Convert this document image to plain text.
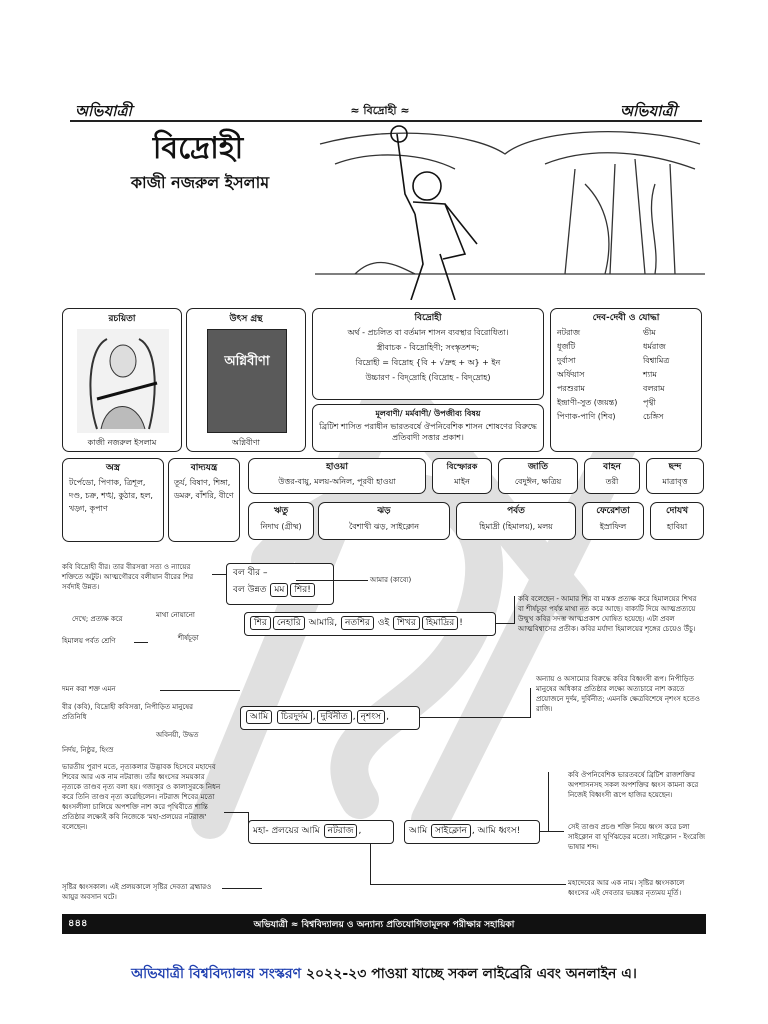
অভিযাত্রী	≈ বিদ্রোহী ≈	অভিযাত্রী
বিদ্রোহী
কাজী নজরুল ইসলাম
রচয়িতা
কাজী নজরুল ইসলাম
উৎস গ্রন্থ
অগ্নিবীণা
অগ্নিবীণা
বিদ্রোহী
অর্থ - প্রচলিত বা বর্তমান শাসন ব্যবস্থার বিরোধিতা।
স্ত্রীবাচক - বিদ্রোহিণী; সংস্কৃতশব্দ;
বিদ্রোহী = বিদ্রোহ {বি + √দ্রুহ + অ} + ইন
উচ্চারণ - বিদ্‌দ্রোহি (বিদ্রোহ - বিদ্‌দ্রোহ)
মূলবাণী/ মর্মবাণী/ উপজীব্য বিষয়
ব্রিটিশ শাসিত পরাধীন ভারতবর্ষে ঔপনিবেশিক শাসন শোষণের বিরুদ্ধে প্রতিবাদী সত্তার প্রকাশ।
দেব-দেবী ও যোদ্ধা
নটরাজ	ভীম
ধূর্জটি	ধর্মরাজ
দুর্বাসা	বিশ্বামিত্র
অর্ফিয়াস	শ্যাম
পরশুরাম	বলরাম
ইন্দ্রাণী-সুত (জয়ন্ত)	পৃথ্বী
পিণাক-পাণি (শিব)	চেঙ্গিস
অস্ত্র
টর্পেডো, পিণাক, ত্রিশূল, দণ্ড, চক্র, শঙ্খ, কুঠার, হল, খড়্গ, কৃপাণ
বাদ্যযন্ত্র
তূর্য, বিষাণ, শিঙ্গা, ডমরু, বাঁশরি, বীণে
হাওয়া
উত্তর-বায়ু, মলয়-অনিল, পূরবী হাওয়া
বিস্ফোরক
মাইন
জাতি
বেদুঈন, ক্ষত্রিয়
বাহন
তরী
ছন্দ
মাত্রাবৃত্ত
ঋতু
নিদাঘ (গ্রীষ্ম)
ঝড়
বৈশাখী ঝড়, সাইক্লোন
পর্বত
হিমাদ্রী (হিমালয়), মলয়
ফেরেশতা
ইস্রাফিল
দোযখ
হাবিয়া
কবি বিদ্রোহী বীর। তার বীরসত্তা সত্য ও ন্যায়ের শক্তিতে অটুট। আত্মগৌরবে বলীয়ান বীরের শির সর্বদাই উন্নত।
বল বীর –
বল উন্নত মম শির!
আমার (কাব্যে)
দেখে; প্রত্যক্ষ করে	মাথা নোয়ানো
হিমালয় পর্বত শ্রেণি	শীর্ষচূড়া
শির নেহারি আমারি, নতশির ওই শিখর হিমাদ্রির !
কবি বলেছেন - আমার শির বা মস্তক প্রত্যক্ষ করে হিমালয়ের শিখর বা শীর্ষচূড়া পর্যন্ত মাথা নত করে আছে। বাক্যটি দিয়ে আত্মপ্রত্যয়ে উন্মুখ কবির সদম্ভ আত্মপ্রকাশ ঘোষিত হয়েছে। এটা প্রবল আত্মবিশ্বাসের প্রতীক। কবির মর্যাদা হিমালয়ের শৃঙ্গের চেয়েও উঁচু।
দমন করা শক্ত এমন
বীর (কবি), বিদ্রোহী কবিসত্তা, নিপীড়িত মানুষের প্রতিনিধি
অবিনয়ী, উদ্ধত
নির্দয়, নিষ্ঠুর, হিংস্র
আমি চিরদুর্দম , দুর্বিনীত , নৃশংস ,
অন্যায় ও অসাম্যের বিরুদ্ধে কবির বিধ্বংসী রূপ। নিপীড়িত মানুষের অধিকার প্রতিষ্ঠার লক্ষ্যে অত্যচারে নাশ করতে প্রয়োজনে দুর্দম, দুর্বিনীত; এমনকি ক্ষেত্রবিশেষে নৃশংস হতেও রাজি।
ভারতীয় পুরাণ মতে, নৃত্যকলার উদ্ভাবক হিসেবে মহাদেব শিবের আর এক নাম নটরাজ। তাঁর ধ্বংসের সময়কার নৃত্যকে তাণ্ডব নৃত্য বলা হয়। গজাসুর ও কালাসুরকে নিধন করে তিনি তাণ্ডব নৃত্য করেছিলেন। নটরাজ শিবের মতো ধ্বংসলীলা চালিয়ে অপশক্তি নাশ করে পৃথিবীতে শান্তি প্রতিষ্ঠার লক্ষ্যেই কবি নিজেকে 'মহা-প্রলয়ের নটরাজ' বলেছেন।
সৃষ্টির ধ্বংসকাল। এই প্রলয়কালে সৃষ্টির দেবতা ব্রহ্মারও আয়ুর অবসান ঘটে।
মহা- প্রলয়ের আমি নটরাজ ,	আমি সাইক্লোন , আমি ধ্বংস!
কবি ঔপনিবেশিক ভারতবর্ষে ব্রিটিশ রাজশক্তির অপশাসনসহ সকল অপশক্তির ধ্বংস কামনা করে নিজেই বিধ্বংসী রূপে হাজির হয়েছেন।
সেই তাণ্ডব প্রচণ্ড শক্তি নিয়ে ধ্বংস করে চলা সাইক্লোন বা ঘূর্ণিঝড়ের মতো। সাইক্লোন - ইংরেজি ভাষার শব্দ।
মহাদেবের আর এক নাম। সৃষ্টির ধ্বংসকালে ধ্বংসের এই দেবতার ভয়ঙ্কর নৃত্যময় মূর্তি।
৪৪৪	অভিযাত্রী ≈ বিশ্ববিদ্যালয় ও অন্যান্য প্রতিযোগিতামূলক পরীক্ষার সহায়িকা
অভিযাত্রী বিশ্ববিদ্যালয় সংস্করণ ২০২২-২৩ পাওয়া যাচ্ছে সকল লাইব্রেরি এবং অনলাইন এ।
